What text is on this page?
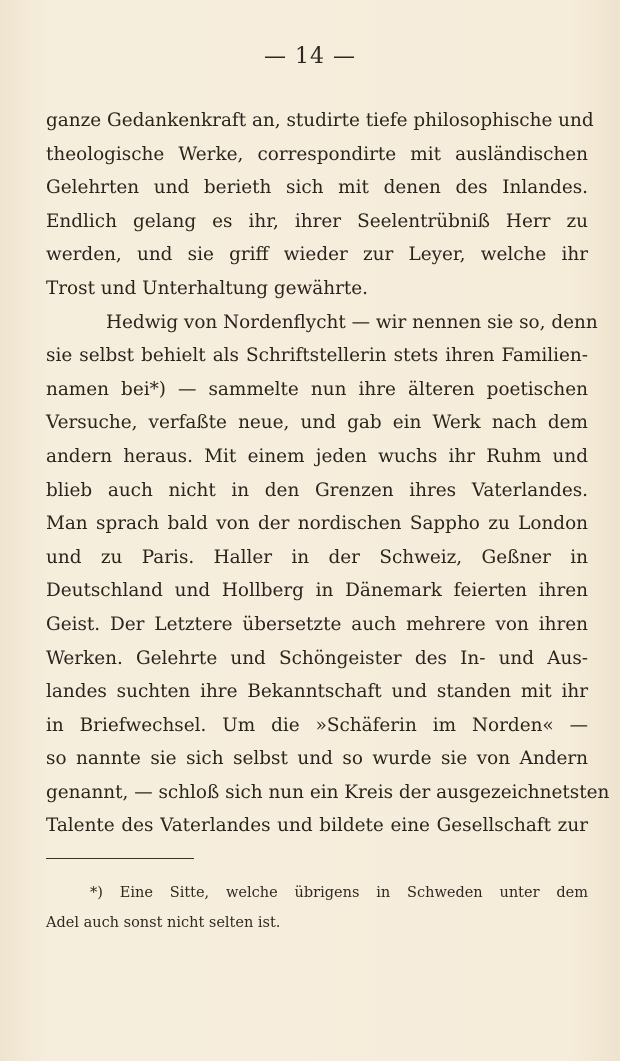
— 14 —
ganze Gedankenkraft an, studirte tiefe philosophische und
theologische Werke, correspondirte mit ausländischen
Gelehrten und berieth sich mit denen des Inlandes.
Endlich gelang es ihr, ihrer Seelentrübniß Herr zu
werden, und sie griff wieder zur Leyer, welche ihr
Trost und Unterhaltung gewährte.
Hedwig von Nordenflycht — wir nennen sie so, denn
sie selbst behielt als Schriftstellerin stets ihren Familien-
namen bei*) — sammelte nun ihre älteren poetischen
Versuche, verfaßte neue, und gab ein Werk nach dem
andern heraus. Mit einem jeden wuchs ihr Ruhm und
blieb auch nicht in den Grenzen ihres Vaterlandes.
Man sprach bald von der nordischen Sappho zu London
und zu Paris. Haller in der Schweiz, Geßner in
Deutschland und Hollberg in Dänemark feierten ihren
Geist. Der Letztere übersetzte auch mehrere von ihren
Werken. Gelehrte und Schöngeister des In- und Aus-
landes suchten ihre Bekanntschaft und standen mit ihr
in Briefwechsel. Um die »Schäferin im Norden« —
so nannte sie sich selbst und so wurde sie von Andern
genannt, — schloß sich nun ein Kreis der ausgezeichnetsten
Talente des Vaterlandes und bildete eine Gesellschaft zur
*) Eine Sitte, welche übrigens in Schweden unter dem
Adel auch sonst nicht selten ist.
